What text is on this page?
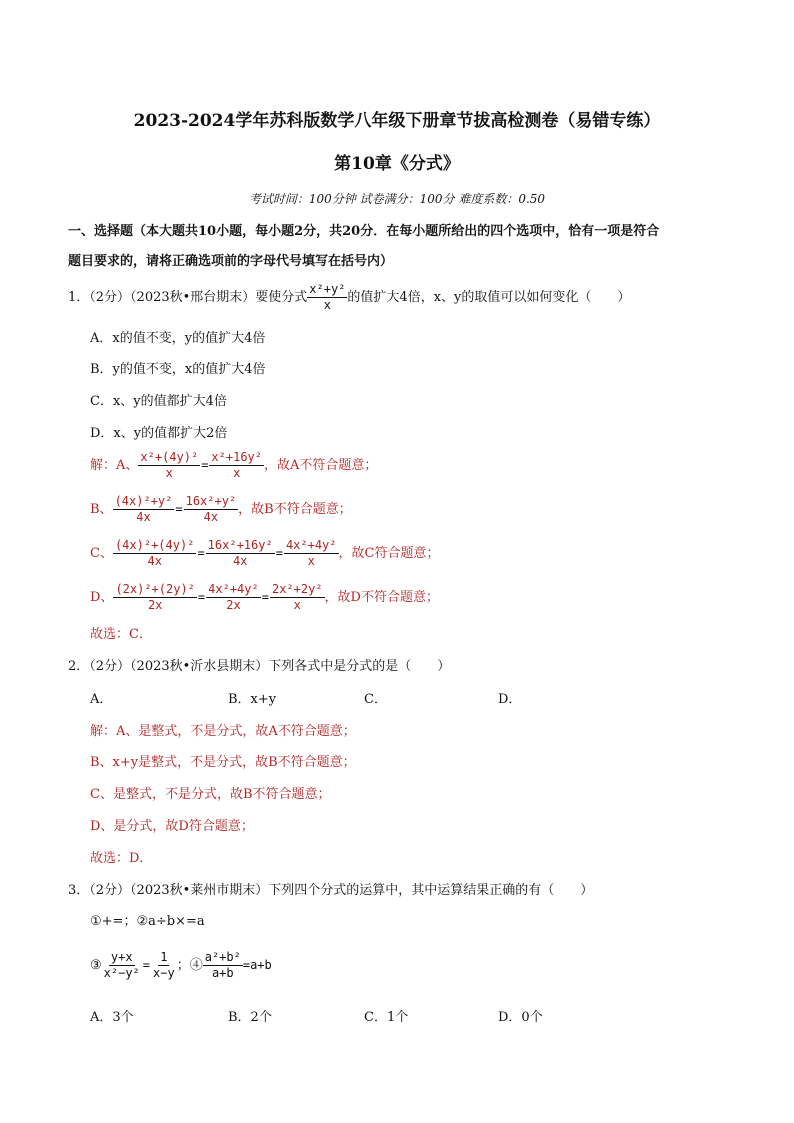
2023-2024学年苏科版数学八年级下册章节拔高检测卷（易错专练）
第10章《分式》
考试时间：100分钟 试卷满分：100分 难度系数：0.50
一、选择题（本大题共10小题，每小题2分，共20分．在每小题所给出的四个选项中，恰有一项是符合
题目要求的，请将正确选项前的字母代号填写在括号内）
1．（2分）（2023秋•邢台期末）要使分式 $\frac{\text{x²+y²}}{x}$ 的值扩大4倍，x、y的取值可以如何变化（　　）
A．x的值不变，y的值扩大4倍
B．y的值不变，x的值扩大4倍
C．x、y的值都扩大4倍
D．x、y的值都扩大2倍
解：A、 $\frac{\text{x²+(4y)²}}{x} = \frac{\text{x²+16y²}}{x}$ ，故A不符合题意；
B、 $\frac{\text{(4x)²+y²}}{4x} = \frac{\text{16x²+y²}}{4x}$ ，故B不符合题意；
C、 $\frac{\text{(4x)²+(4y)²}}{4x} = \frac{\text{16x²+16y²}}{4x} = \frac{\text{4x²+4y²}}{x}$ ，故C符合题意；
D、 $\frac{\text{(2x)²+(2y)²}}{2x} = \frac{\text{4x²+4y²}}{2x} = \frac{\text{2x²+2y²}}{x}$ ，故D不符合题意；
故选：C．
2．（2分）（2023秋•沂水县期末）下列各式中是分式的是（　　）
A．	B．x+y	C．	D．
解：A、是整式，不是分式，故A不符合题意；
B、x+y是整式，不是分式，故B不符合题意；
C、是整式，不是分式，故B不符合题意；
D、是分式，故D符合题意；
故选：D．
3．（2分）（2023秋•莱州市期末）下列四个分式的运算中，其中运算结果正确的有（　　）
①+=；②a÷b×=a
③ $\frac{y+x}{\text{x²−y²}} = \frac{1}{x-y}$ ；④ $\frac{\text{a²+b²}}{a+b} =a+b$
A．3个	B．2个	C．1个	D．0个
